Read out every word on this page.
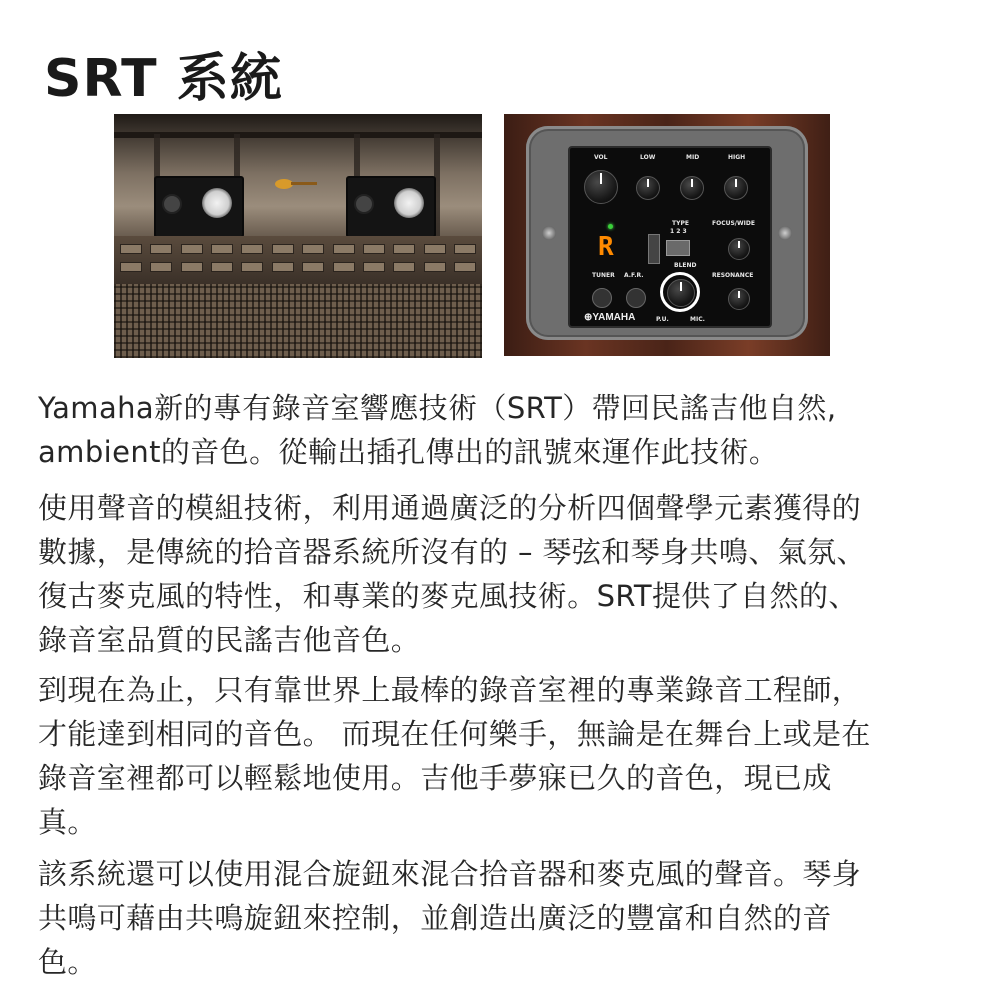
SRT 系統
VOL	LOW	MID	HIGH
TYPE
1 2 3
FOCUS/WIDE
R
TUNER A.F.R.
BLEND
RESONANCE
⊕YAMAHA	P.U.	MIC.
Yamaha新的專有錄音室響應技術（SRT）帶回民謠吉他自然,
ambient的音色。從輸出插孔傳出的訊號來運作此技術。
使用聲音的模組技術，利用通過廣泛的分析四個聲學元素獲得的
數據，是傳統的拾音器系統所沒有的 – 琴弦和琴身共鳴、氣氛、
復古麥克風的特性，和專業的麥克風技術。SRT提供了自然的、
錄音室品質的民謠吉他音色。
到現在為止，只有靠世界上最棒的錄音室裡的專業錄音工程師，
才能達到相同的音色。 而現在任何樂手，無論是在舞台上或是在
錄音室裡都可以輕鬆地使用。吉他手夢寐已久的音色，現已成
真。
該系統還可以使用混合旋鈕來混合拾音器和麥克風的聲音。琴身
共鳴可藉由共鳴旋鈕來控制，並創造出廣泛的豐富和自然的音
色。
